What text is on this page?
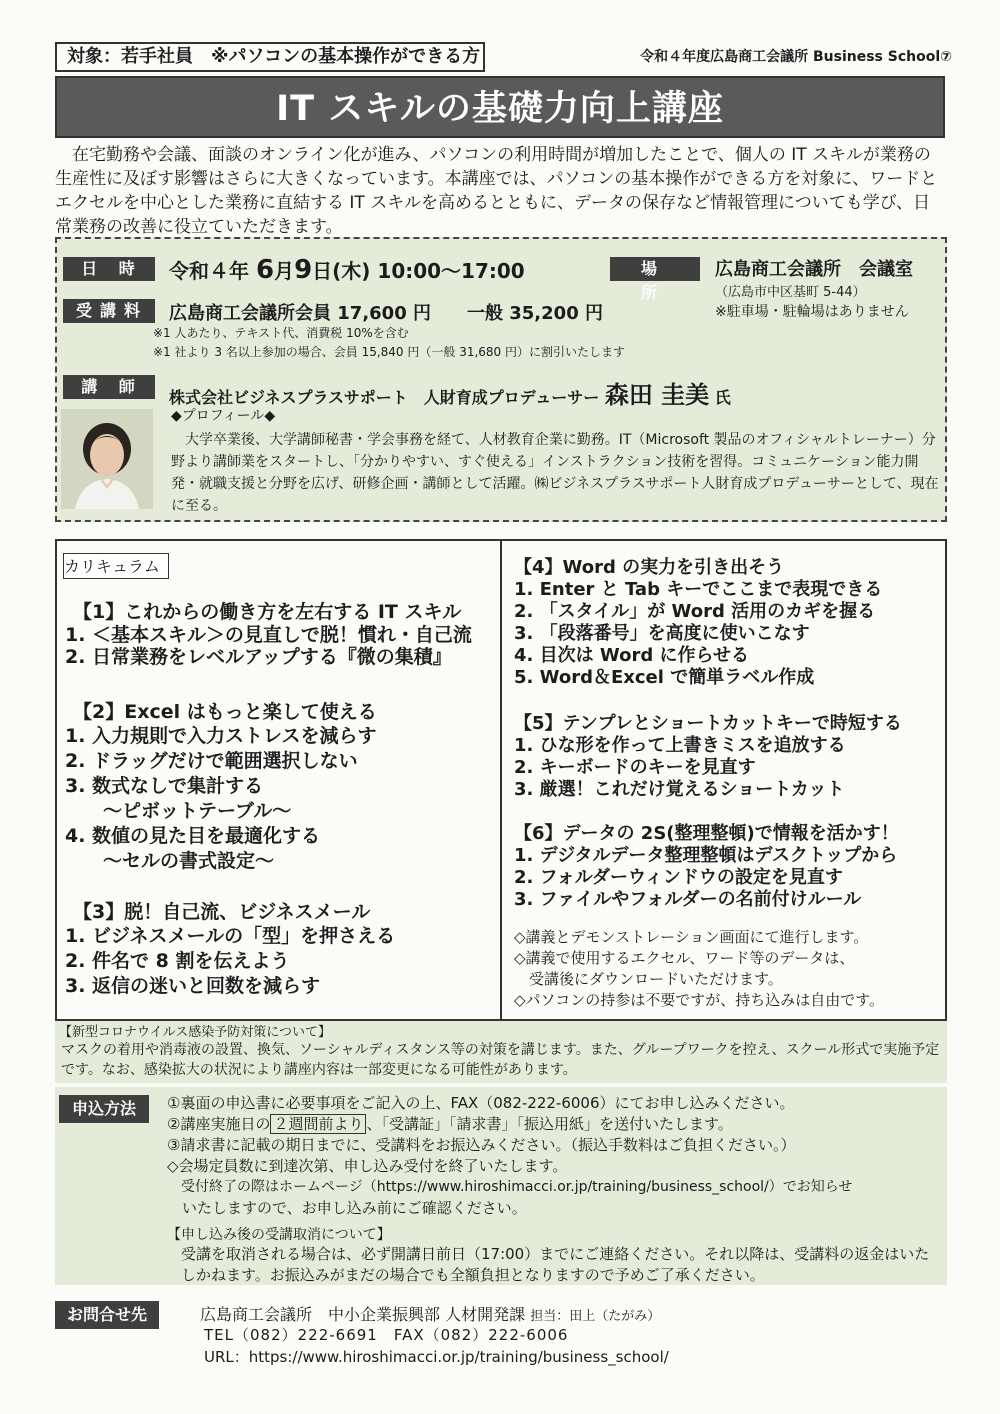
対象：若手社員　※パソコンの基本操作ができる方	令和４年度広島商工会議所 Business School⑦
IT スキルの基礎力向上講座
在宅勤務や会議、面談のオンライン化が進み、パソコンの利用時間が増加したことで、個人の IT スキルが業務の生産性に及ぼす影響はさらに大きくなっています。本講座では、パソコンの基本操作ができる方を対象に、ワードとエクセルを中心とした業務に直結する IT スキルを高めるとともに、データの保存など情報管理についても学び、日常業務の改善に役立ていただきます。
日 時	令和４年 6月9日(木) 10:00～17:00	場 所
広島商工会議所　会議室
（広島市中区基町 5-44）
※駐車場・駐輪場はありません
受講料	広島商工会議所会員 17,600 円　　一般 35,200 円
※1 人あたり、テキスト代、消費税 10%を含む
※1 社より 3 名以上参加の場合、会員 15,840 円（一般 31,680 円）に割引いたします
講 師
株式会社ビジネスプラスサポート　人財育成プロデューサー 森田 圭美 氏
◆プロフィール◆
大学卒業後、大学講師秘書・学会事務を経て、人材教育企業に勤務。IT（Microsoft 製品のオフィシャルトレーナー）分野より講師業をスタートし、「分かりやすい、すぐ使える」インストラクション技術を習得。コミュニケーション能力開発・就職支援と分野を広げ、研修企画・講師として活躍。㈱ビジネスプラスサポート人財育成プロデューサーとして、現在に至る。
カリキュラム
【1】これからの働き方を左右する IT スキル
1. ＜基本スキル＞の見直しで脱！慣れ・自己流
2. 日常業務をレベルアップする『微の集積』
【2】Excel はもっと楽して使える
1. 入力規則で入力ストレスを減らす
2. ドラッグだけで範囲選択しない
3. 数式なしで集計する
　　～ピボットテーブル～
4. 数値の見た目を最適化する
　　～セルの書式設定～
【3】脱！自己流、ビジネスメール
1. ビジネスメールの「型」を押さえる
2. 件名で 8 割を伝えよう
3. 返信の迷いと回数を減らす
【4】Word の実力を引き出そう
1. Enter と Tab キーでここまで表現できる
2. 「スタイル」が Word 活用のカギを握る
3. 「段落番号」を高度に使いこなす
4. 目次は Word に作らせる
5. Word＆Excel で簡単ラベル作成
【5】テンプレとショートカットキーで時短する
1. ひな形を作って上書きミスを追放する
2. キーボードのキーを見直す
3. 厳選！これだけ覚えるショートカット
【6】データの 2S(整理整頓)で情報を活かす！
1. デジタルデータ整理整頓はデスクトップから
2. フォルダーウィンドウの設定を見直す
3. ファイルやフォルダーの名前付けルール
◇講義とデモンストレーション画面にて進行します。
◇講義で使用するエクセル、ワード等のデータは、
　受講後にダウンロードいただけます。
◇パソコンの持参は不要ですが、持ち込みは自由です。
【新型コロナウイルス感染予防対策について】
マスクの着用や消毒液の設置、換気、ソーシャルディスタンス等の対策を講じます。また、グループワークを控え、スクール形式で実施予定です。なお、感染拡大の状況により講座内容は一部変更になる可能性があります。
申込方法	①裏面の申込書に必要事項をご記入の上、FAX（082-222-6006）にてお申し込みください。
②講座実施日の ２週間前より 、「受講証」「請求書」「振込用紙」を送付いたします。
③請求書に記載の期日までに、受講料をお振込みください。（振込手数料はご負担ください。）
◇会場定員数に到達次第、申し込み受付を終了いたします。
　受付終了の際はホームページ（https://www.hiroshimacci.or.jp/training/business_school/）でお知らせ
　いたしますので、お申し込み前にご確認ください。
【申し込み後の受講取消について】
受講を取消される場合は、必ず開講日前日（17:00）までにご連絡ください。それ以降は、受講料の返金はいたしかねます。お振込みがまだの場合でも全額負担となりますので予めご了承ください。
お問合せ先	広島商工会議所　中小企業振興部 人材開発課 担当：田上（たがみ）
TEL（082）222-6691　FAX（082）222-6006
URL：https://www.hiroshimacci.or.jp/training/business_school/
